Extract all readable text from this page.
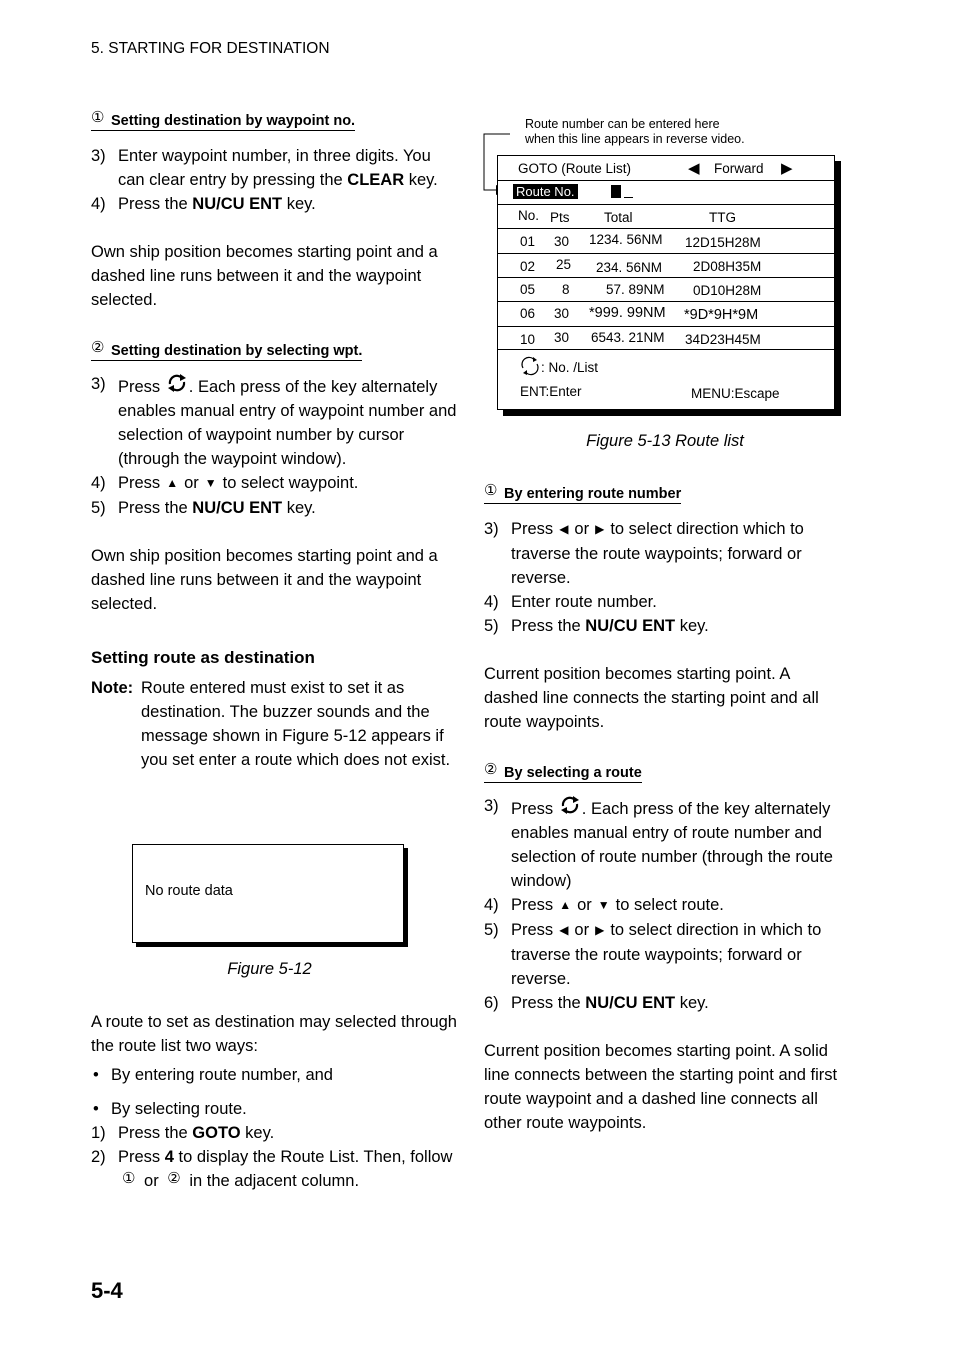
5. STARTING FOR DESTINATION
① Setting destination by waypoint no.
3) Enter waypoint number, in three digits. You can clear entry by pressing the CLEAR key.
4) Press the NU/CU ENT key.

Own ship position becomes starting point and a dashed line runs between it and the waypoint selected.

② Setting destination by selecting wpt.
3) Press . Each press of the key alternately enables manual entry of waypoint number and selection of waypoint number by cursor (through the waypoint window).
4) Press ▲ or ▼ to select waypoint.
5) Press the NU/CU ENT key.

Own ship position becomes starting point and a dashed line runs between it and the waypoint selected.

Setting route as destination
Note: Route entered must exist to set it as destination. The buzzer sounds and the message shown in Figure 5-12 appears if you set enter a route which does not exist.
No route data
Figure 5-12

A route to set as destination may selected through the route list two ways:

• By entering route number, and
• By selecting route.
1) Press the GOTO key.
2) Press 4 to display the Route List. Then, follow ① or ② in the adjacent column.
Route number can be entered here
when this line appears in reverse video.
GOTO (Route List)	◀ Forward ▶
Route No.
No. Pts	Total	TTG
01 30 1234. 56NM 12D15H28M
02 25 234. 56NM 2D08H35M
05 8	57. 89NM 0D10H28M
06 30 *999. 99NM *9D*9H*9M
10 30 6543. 21NM 34D23H45M
: No. /List
ENT:Enter	MENU:Escape
Figure 5-13 Route list
① By entering route number
3) Press ◀ or ▶ to select direction which to traverse the route waypoints; forward or reverse.
4) Enter route number.
5) Press the NU/CU ENT key.

Current position becomes starting point. A dashed line connects the starting point and all route waypoints.

② By selecting a route
3) Press . Each press of the key alternately enables manual entry of route number and selection of route number (through the route window)
4) Press ▲ or ▼ to select route.
5) Press ◀ or ▶ to select direction in which to traverse the route waypoints; forward or reverse.
6) Press the NU/CU ENT key.

Current position becomes starting point. A solid line connects between the starting point and first route waypoint and a dashed line connects all other route waypoints.

5-4
